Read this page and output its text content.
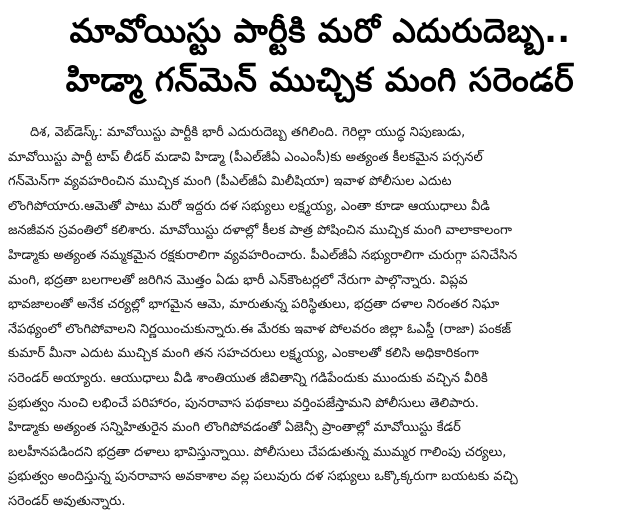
మావోయిస్టు పార్టీకి మరో ఎదురుదెబ్బ..
హిడ్మా గన్‌మెన్ ముచ్చిక మంగి సరెండర్
దిశ, వెబ్‌డెస్క్: మావోయిస్టు పార్టీకి భారీ ఎదురుదెబ్బ తగిలింది. గెరిల్లా యుద్ధ నిపుణుడు,
మావోయిస్టు పార్టీ టాప్ లీడర్ మడావి హిడ్మా (పీఎల్‌జీఏ ఎంఎంసీ)కు అత్యంత కీలకమైన పర్సనల్
గన్‌మెన్‌గా వ్యవహరించిన ముచ్చిక మంగి (పీఎల్‌జీఏ మిలీషియా) ఇవాళ పోలీసుల ఎదుట
లొంగిపోయారు.ఆమెతో పాటు మరో ఇద్దరు దళ సభ్యులు లక్ష్మయ్య, ఎంతా కూడా ఆయుధాలు వీడి
జనజీవన స్రవంతిలో కలిశారు. మావోయిస్టు దళాల్లో కీలక పాత్ర పోషించిన ముచ్చిక మంగి వాలాకాలంగా
హిడ్మాకు అత్యంత నమ్మకమైన రక్షకురాలిగా వ్యవహరించారు. పీఎల్‌జీఏ నభ్యురాలిగా చురుగ్గా పనిచేసిన
మంగి, భద్రతా బలగాలతో జరిగిన మొత్తం ఏడు భారీ ఎన్‌కౌంటర్లలో నేరుగా పాల్గొన్నారు. విప్లవ
భావజాలంతో అనేక చర్యల్లో భాగమైన ఆమె, మారుతున్న పరిస్థితులు, భద్రతా దళాల నిరంతర నిఘా
నేపథ్యంలో లొంగిపోవాలని నిర్ణయించుకున్నారు.ఈ మేరకు ఇవాళ పోలవరం జిల్లా ఓఎస్డీ (రాజా) పంకజ్
కుమార్ మీనా ఎదుట ముచ్చిక మంగి తన సహచరులు లక్ష్మయ్య, ఎంకాలతో కలిసి అధికారికంగా
సరెండర్ అయ్యారు. ఆయుధాలు వీడి శాంతియుత జీవితాన్ని గడిపేందుకు ముందుకు వచ్చిన వీరికి
ప్రభుత్వం నుంచి లభించే పరిహారం, పునరావాస పథకాలు వర్తింపజేస్తామని పోలీసులు తెలిపారు.
హిడ్మాకు అత్యంత సన్నిహితురైన మంగి లొంగిపోవడంతో ఏజెన్సీ ప్రాంతాల్లో మావోయిస్టు కేడర్
బలహీనపడిందని భద్రతా దళాలు భావిస్తున్నాయి. పోలీసులు చేపడుతున్న ముమ్మర గాలింపు చర్యలు,
ప్రభుత్వం అందిస్తున్న పునరావాస అవకాశాల వల్ల పలువురు దళ సభ్యులు ఒక్కొక్కరుగా బయటకు వచ్చి
సరెండర్ అవుతున్నారు.
